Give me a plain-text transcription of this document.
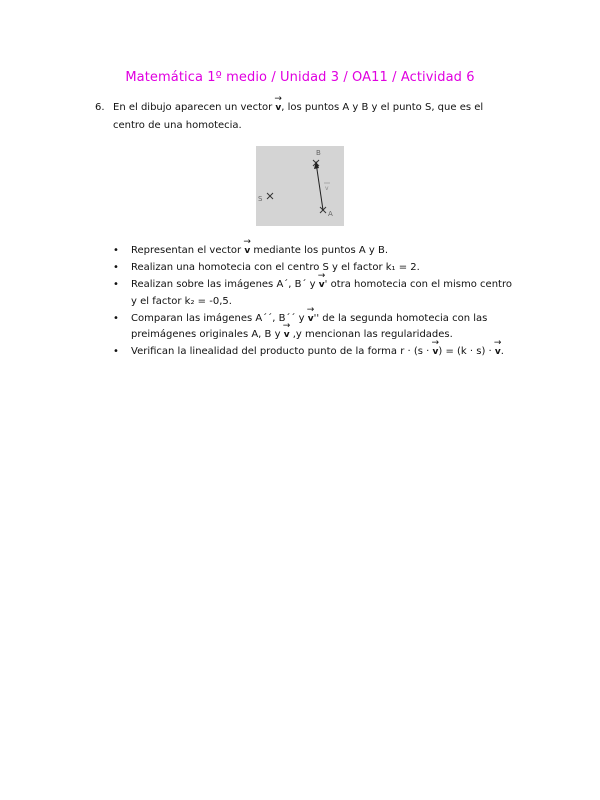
Matemática 1º medio / Unidad 3 / OA11 / Actividad 6
6. En el dibujo aparecen un vector → v, los puntos A y B y el punto S, que es el
centro de una homotecia.
S
B
A
v
• Representan el vector → v mediante los puntos A y B.
• Realizan una homotecia con el centro S y el factor k₁ = 2.
• Realizan sobre las imágenes A´, B´ y → v' otra homotecia con el mismo centro
y el factor k₂ = -0,5.
• Comparan las imágenes A´´, B´´ y → v'' de la segunda homotecia con las
preimágenes originales A, B y → v ,y mencionan las regularidades.
• Verifican la linealidad del producto punto de la forma r · (s · → v) = (k · s) · → v.
